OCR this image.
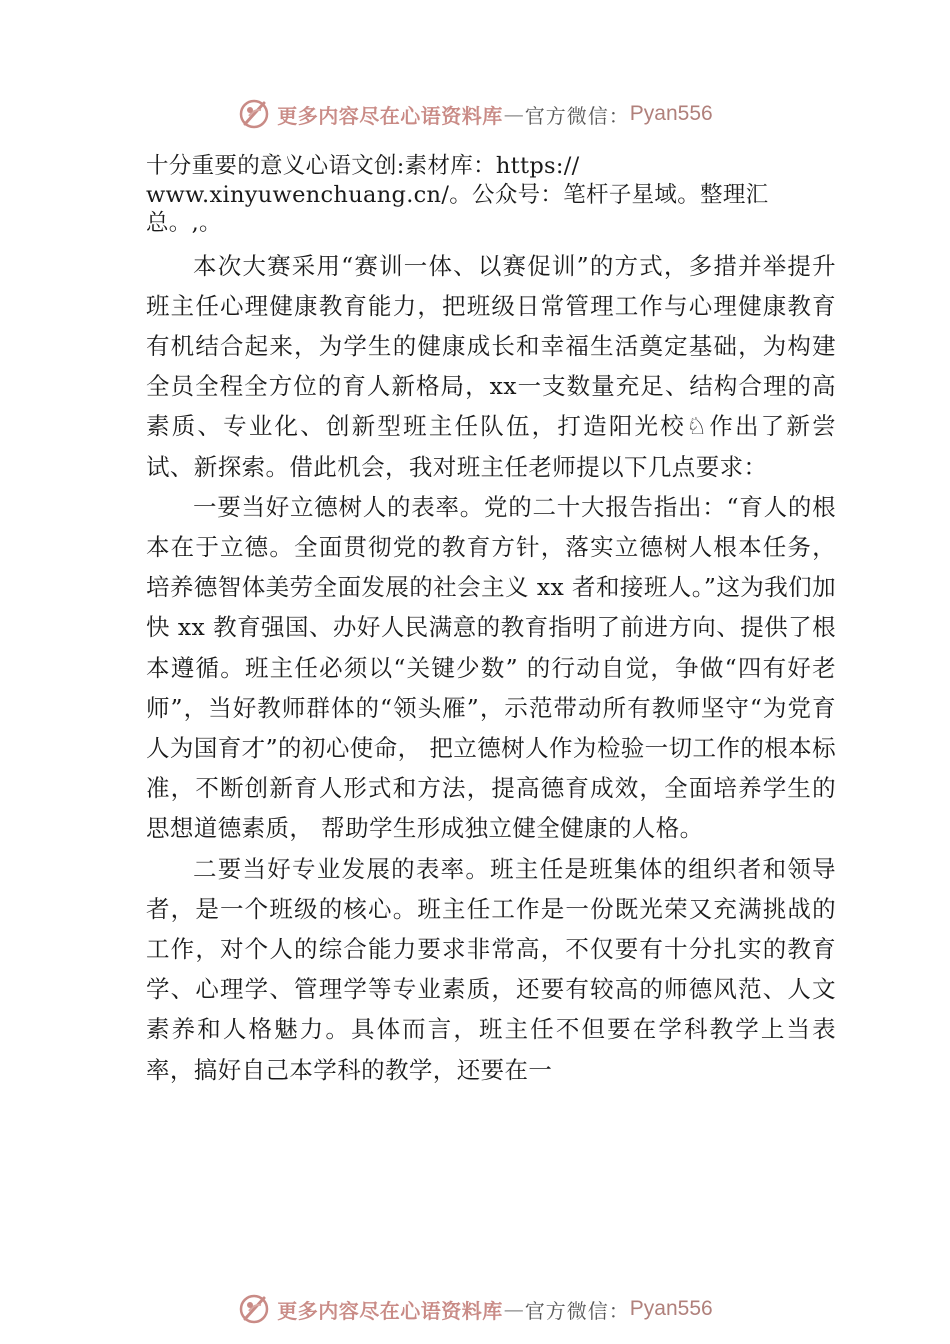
更多内容尽在心语资料库 — 官方微信： Pyan556

十分重要的意义心语文创:素材库：https://
www.xinyuwenchuang.cn/。公众号：笔杆子星域。整理汇
总。,。

本次大赛采用“赛训一体、以赛促训”的方式，多措并举提升班主任心理健康教育能力，把班级日常管理工作与心理健康教育有机结合起来，为学生的健康成长和幸福生活奠定基础，为构建全员全程全方位的育人新格局，xx一支数量充足、结构合理的高素质、专业化、创新型班主任队伍，打造阳光校♘作出了新尝试、新探索。借此机会，我对班主任老师提以下几点要求：

一要当好立德树人的表率。党的二十大报告指出：“育人的根本在于立德。全面贯彻党的教育方针，落实立德树人根本任务，培养德智体美劳全面发展的社会主义 xx 者和接班人。”这为我们加快 xx 教育强国、办好人民满意的教育指明了前进方向、提供了根本遵循。班主任必须以“关键少数” 的行动自觉，争做“四有好老师”，当好教师群体的“领头雁”，示范带动所有教师坚守“为党育人为国育才”的初心使命， 把立德树人作为检验一切工作的根本标准，不断创新育人形式和方法，提高德育成效，全面培养学生的思想道德素质， 帮助学生形成独立健全健康的人格。

二要当好专业发展的表率。班主任是班集体的组织者和领导者，是一个班级的核心。班主任工作是一份既光荣又充满挑战的工作，对个人的综合能力要求非常高，不仅要有十分扎实的教育学、心理学、管理学等专业素质，还要有较高的师德风范、人文素养和人格魅力。具体而言，班主任不但要在学科教学上当表率，搞好自己本学科的教学，还要在一

更多内容尽在心语资料库 — 官方微信： Pyan556
